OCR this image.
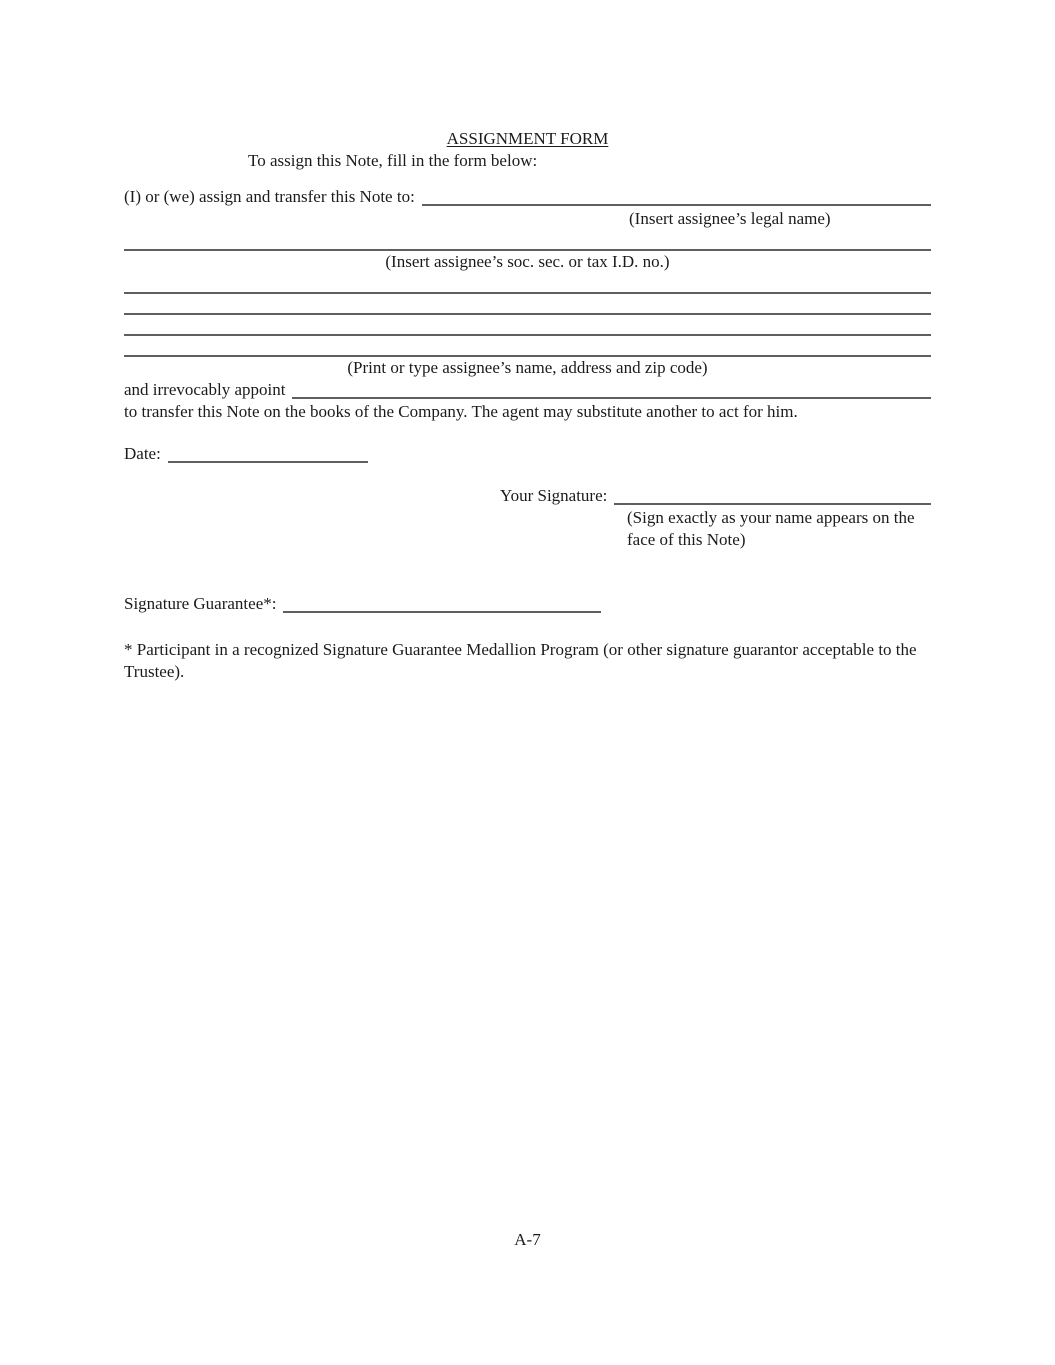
ASSIGNMENT FORM
To assign this Note, fill in the form below:
(I) or (we) assign and transfer this Note to:
(Insert assignee’s legal name)
(Insert assignee’s soc. sec. or tax I.D. no.)
(Print or type assignee’s name, address and zip code)
and irrevocably appoint
to transfer this Note on the books of the Company. The agent may substitute another to act for him.
Date:
Your Signature:
(Sign exactly as your name appears on the face of this Note)
Signature Guarantee*:
* Participant in a recognized Signature Guarantee Medallion Program (or other signature guarantor acceptable to the Trustee).
A-7
